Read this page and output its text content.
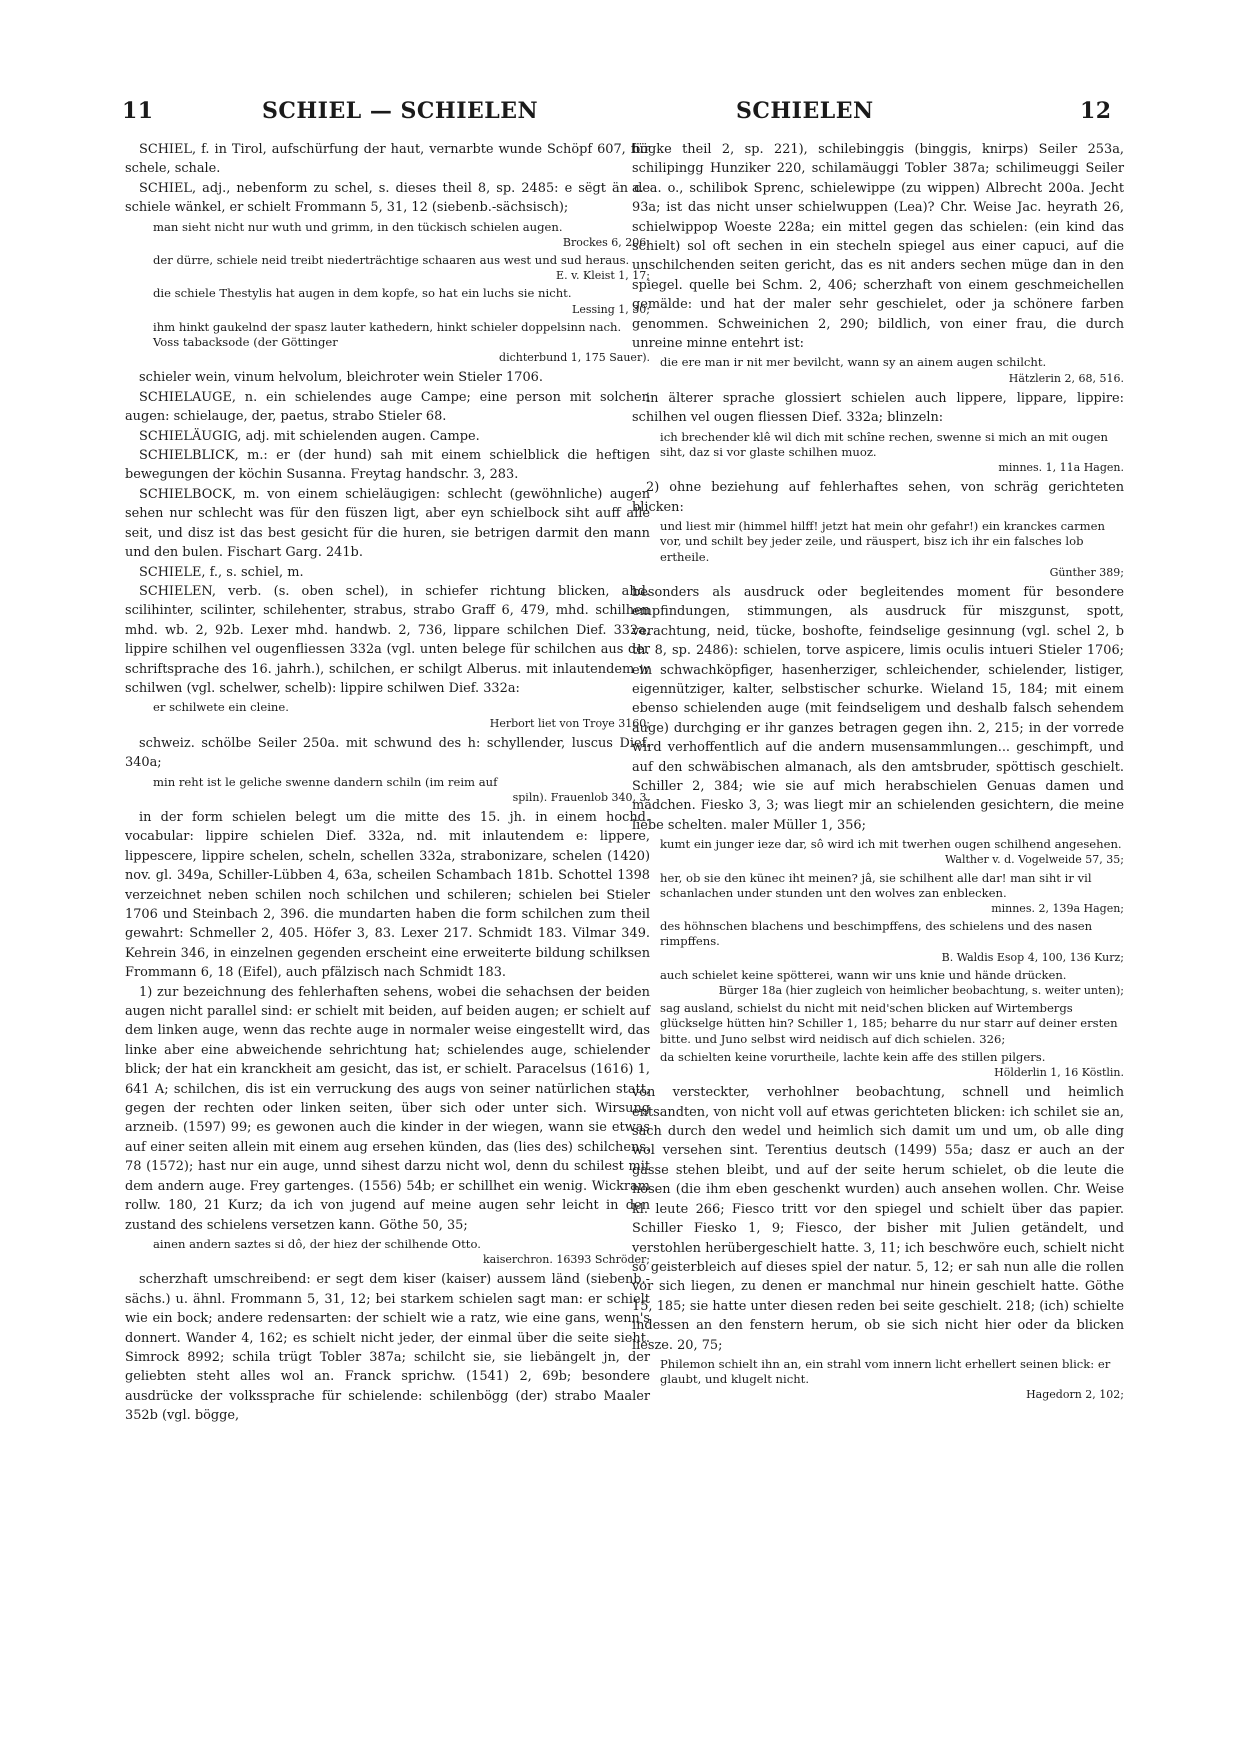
11	SCHIEL — SCHIELEN	SCHIELEN	12

SCHIEL, f. in Tirol, aufschürfung der haut, vernarbte wunde Schöpf 607, für schele, schale.

SCHIEL, adj., nebenform zu schel, s. dieses theil 8, sp. 2485: e sëgt än de schiele wänkel, er schielt Frommann 5, 31, 12 (siebenb.-sächsisch);

man sieht nicht nur wuth und grimm, in den tückisch schielen augen.
Brockes 6, 206;
der dürre, schiele neid treibt niederträchtige schaaren aus west und sud heraus.
E. v. Kleist 1, 17;
die schiele Thestylis hat augen in dem kopfe, so hat ein luchs sie nicht.
Lessing 1, 30;
ihm hinkt gaukelnd der spasz lauter kathedern, hinkt schieler doppelsinn nach. Voss tabacksode (der Göttinger
dichterbund 1, 175 Sauer).

schieler wein, vinum helvolum, bleichroter wein Stieler 1706.

SCHIELAUGE, n. ein schielendes auge Campe; eine person mit solchen augen: schielauge, der, paetus, strabo Stieler 68.

SCHIELÄUGIG, adj. mit schielenden augen. Campe.

SCHIELBLICK, m.: er (der hund) sah mit einem schielblick die heftigen bewegungen der köchin Susanna. Freytag handschr. 3, 283.

SCHIELBOCK, m. von einem schieläugigen: schlecht (gewöhnliche) augen sehen nur schlecht was für den füszen ligt, aber eyn schielbock siht auff alle seit, und disz ist das best gesicht für die huren, sie betrigen darmit den mann und den bulen. Fischart Garg. 241b.

SCHIELE, f., s. schiel, m.

SCHIELEN, verb. (s. oben schel), in schiefer richtung blicken, ahd. scilihinter, scilinter, schilehenter, strabus, strabo Graff 6, 479, mhd. schilhen mhd. wb. 2, 92b. Lexer mhd. handwb. 2, 736, lippare schilchen Dief. 332a, lippire schilhen vel ougenfliessen 332a (vgl. unten belege für schilchen aus der schriftsprache des 16. jahrh.), schilchen, er schilgt Alberus. mit inlautendem w schilwen (vgl. schelwer, schelb): lippire schilwen Dief. 332a:

er schilwete ein cleine.
Herbort liet von Troye 3160;

schweiz. schölbe Seiler 250a. mit schwund des h: schyllender, luscus Dief. 340a;

min reht ist le geliche swenne dandern schiln (im reim auf
spiln). Frauenlob 340, 3.

in der form schielen belegt um die mitte des 15. jh. in einem hochd. vocabular: lippire schielen Dief. 332a, nd. mit inlautendem e: lippere, lippescere, lippire schelen, scheln, schellen 332a, strabonizare, schelen (1420) nov. gl. 349a, Schiller-Lübben 4, 63a, scheilen Schambach 181b. Schottel 1398 verzeichnet neben schilen noch schilchen und schileren; schielen bei Stieler 1706 und Steinbach 2, 396. die mundarten haben die form schilchen zum theil gewahrt: Schmeller 2, 405. Höfer 3, 83. Lexer 217. Schmidt 183. Vilmar 349. Kehrein 346, in einzelnen gegenden erscheint eine erweiterte bildung schilksen Frommann 6, 18 (Eifel), auch pfälzisch nach Schmidt 183.

1) zur bezeichnung des fehlerhaften sehens, wobei die sehachsen der beiden augen nicht parallel sind: er schielt mit beiden, auf beiden augen; er schielt auf dem linken auge, wenn das rechte auge in normaler weise eingestellt wird, das linke aber eine abweichende sehrichtung hat; schielendes auge, schielender blick; der hat ein kranckheit am gesicht, das ist, er schielt. Paracelsus (1616) 1, 641 A; schilchen, dis ist ein verruckung des augs von seiner natürlichen statt, gegen der rechten oder linken seiten, über sich oder unter sich. Wirsung arzneib. (1597) 99; es gewonen auch die kinder in der wiegen, wann sie etwas auf einer seiten allein mit einem aug ersehen künden, das (lies des) schilchens. 78 (1572); hast nur ein auge, unnd sihest darzu nicht wol, denn du schilest mit dem andern auge. Frey gartenges. (1556) 54b; er schillhet ein wenig. Wickram rollw. 180, 21 Kurz; da ich von jugend auf meine augen sehr leicht in den zustand des schielens versetzen kann. Göthe 50, 35;

ainen andern saztes si dô, der hiez der schilhende Otto.
kaiserchron. 16393 Schröder;

scherzhaft umschreibend: er segt dem kiser (kaiser) aussem länd (siebenb.-sächs.) u. ähnl. Frommann 5, 31, 12; bei starkem schielen sagt man: er schielt wie ein bock; andere redensarten: der schielt wie a ratz, wie eine gans, wenn's donnert. Wander 4, 162; es schielt nicht jeder, der einmal über die seite sieht. Simrock 8992; schila trügt Tobler 387a; schilcht sie, sie liebängelt jn, der geliebten steht alles wol an. Franck sprichw. (1541) 2, 69b; besondere ausdrücke der volkssprache für schielende: schilenbögg (der) strabo Maaler 352b (vgl. bögge,

bögke theil 2, sp. 221), schilebinggis (binggis, knirps) Seiler 253a, schilipingg Hunziker 220, schilamäuggi Tobler 387a; schilimeuggi Seiler a. a. o., schilibok Sprenc, schielewippe (zu wippen) Albrecht 200a. Jecht 93a; ist das nicht unser schielwuppen (Lea)? Chr. Weise Jac. heyrath 26, schielwippop Woeste 228a; ein mittel gegen das schielen: (ein kind das schielt) sol oft sechen in ein stecheln spiegel aus einer capuci, auf die unschilchenden seiten gericht, das es nit anders sechen müge dan in den spiegel. quelle bei Schm. 2, 406; scherzhaft von einem geschmeichellen gemälde: und hat der maler sehr geschielet, oder ja schönere farben genommen. Schweinichen 2, 290; bildlich, von einer frau, die durch unreine minne entehrt ist:

die ere man ir nit mer bevilcht, wann sy an ainem augen schilcht.
Hätzlerin 2, 68, 516.

in älterer sprache glossiert schielen auch lippere, lippare, lippire: schilhen vel ougen fliessen Dief. 332a; blinzeln:

ich brechender klê wil dich mit schîne rechen, swenne si mich an mit ougen siht, daz si vor glaste schilhen muoz.
minnes. 1, 11a Hagen.

2) ohne beziehung auf fehlerhaftes sehen, von schräg gerichteten blicken:

und liest mir (himmel hilff! jetzt hat mein ohr gefahr!) ein kranckes carmen vor, und schilt bey jeder zeile, und räuspert, bisz ich ihr ein falsches lob ertheile.
Günther 389;

besonders als ausdruck oder begleitendes moment für besondere empfindungen, stimmungen, als ausdruck für miszgunst, spott, verachtung, neid, tücke, boshofte, feindselige gesinnung (vgl. schel 2, b th. 8, sp. 2486): schielen, torve aspicere, limis oculis intueri Stieler 1706; ein schwachköpfiger, hasenherziger, schleichender, schielender, listiger, eigennütziger, kalter, selbstischer schurke. Wieland 15, 184; mit einem ebenso schielenden auge (mit feindseligem und deshalb falsch sehendem auge) durchging er ihr ganzes betragen gegen ihn. 2, 215; in der vorrede wird verhoffentlich auf die andern musensammlungen... geschimpft, und auf den schwäbischen almanach, als den amtsbruder, spöttisch geschielt. Schiller 2, 384; wie sie auf mich herabschielen Genuas damen und mädchen. Fiesko 3, 3; was liegt mir an schielenden gesichtern, die meine liebe schelten. maler Müller 1, 356;

kumt ein junger ieze dar, sô wird ich mit twerhen ougen schilhend angesehen.
Walther v. d. Vogelweide 57, 35;
her, ob sie den künec iht meinen? jâ, sie schilhent alle dar! man siht ir vil schanlachen under stunden unt den wolves zan enblecken.
minnes. 2, 139a Hagen;
des höhnschen blachens und beschimpffens, des schielens und des nasen rimpffens.
B. Waldis Esop 4, 100, 136 Kurz;
auch schielet keine spötterei, wann wir uns knie und hände drücken.
Bürger 18a (hier zugleich von heimlicher beobachtung, s. weiter unten);
sag ausland, schielst du nicht mit neid'schen blicken auf Wirtembergs glückselge hütten hin? Schiller 1, 185; beharre du nur starr auf deiner ersten bitte. und Juno selbst wird neidisch auf dich schielen. 326;
da schielten keine vorurtheile, lachte kein affe des stillen pilgers.
Hölderlin 1, 16 Köstlin.

von versteckter, verhohlner beobachtung, schnell und heimlich entsandten, von nicht voll auf etwas gerichteten blicken: ich schilet sie an, sach durch den wedel und heimlich sich damit um und um, ob alle ding wol versehen sint. Terentius deutsch (1499) 55a; dasz er auch an der gasse stehen bleibt, und auf der seite herum schielet, ob die leute die hosen (die ihm eben geschenkt wurden) auch ansehen wollen. Chr. Weise kl. leute 266; Fiesco tritt vor den spiegel und schielt über das papier. Schiller Fiesko 1, 9; Fiesco, der bisher mit Julien getändelt, und verstohlen herübergeschielt hatte. 3, 11; ich beschwöre euch, schielt nicht so geisterbleich auf dieses spiel der natur. 5, 12; er sah nun alle die rollen vor sich liegen, zu denen er manchmal nur hinein geschielt hatte. Göthe 15, 185; sie hatte unter diesen reden bei seite geschielt. 218; (ich) schielte indessen an den fenstern herum, ob sie sich nicht hier oder da blicken liesze. 20, 75;

Philemon schielt ihn an, ein strahl vom innern licht erhellert seinen blick: er glaubt, und klugelt nicht.
Hagedorn 2, 102;
